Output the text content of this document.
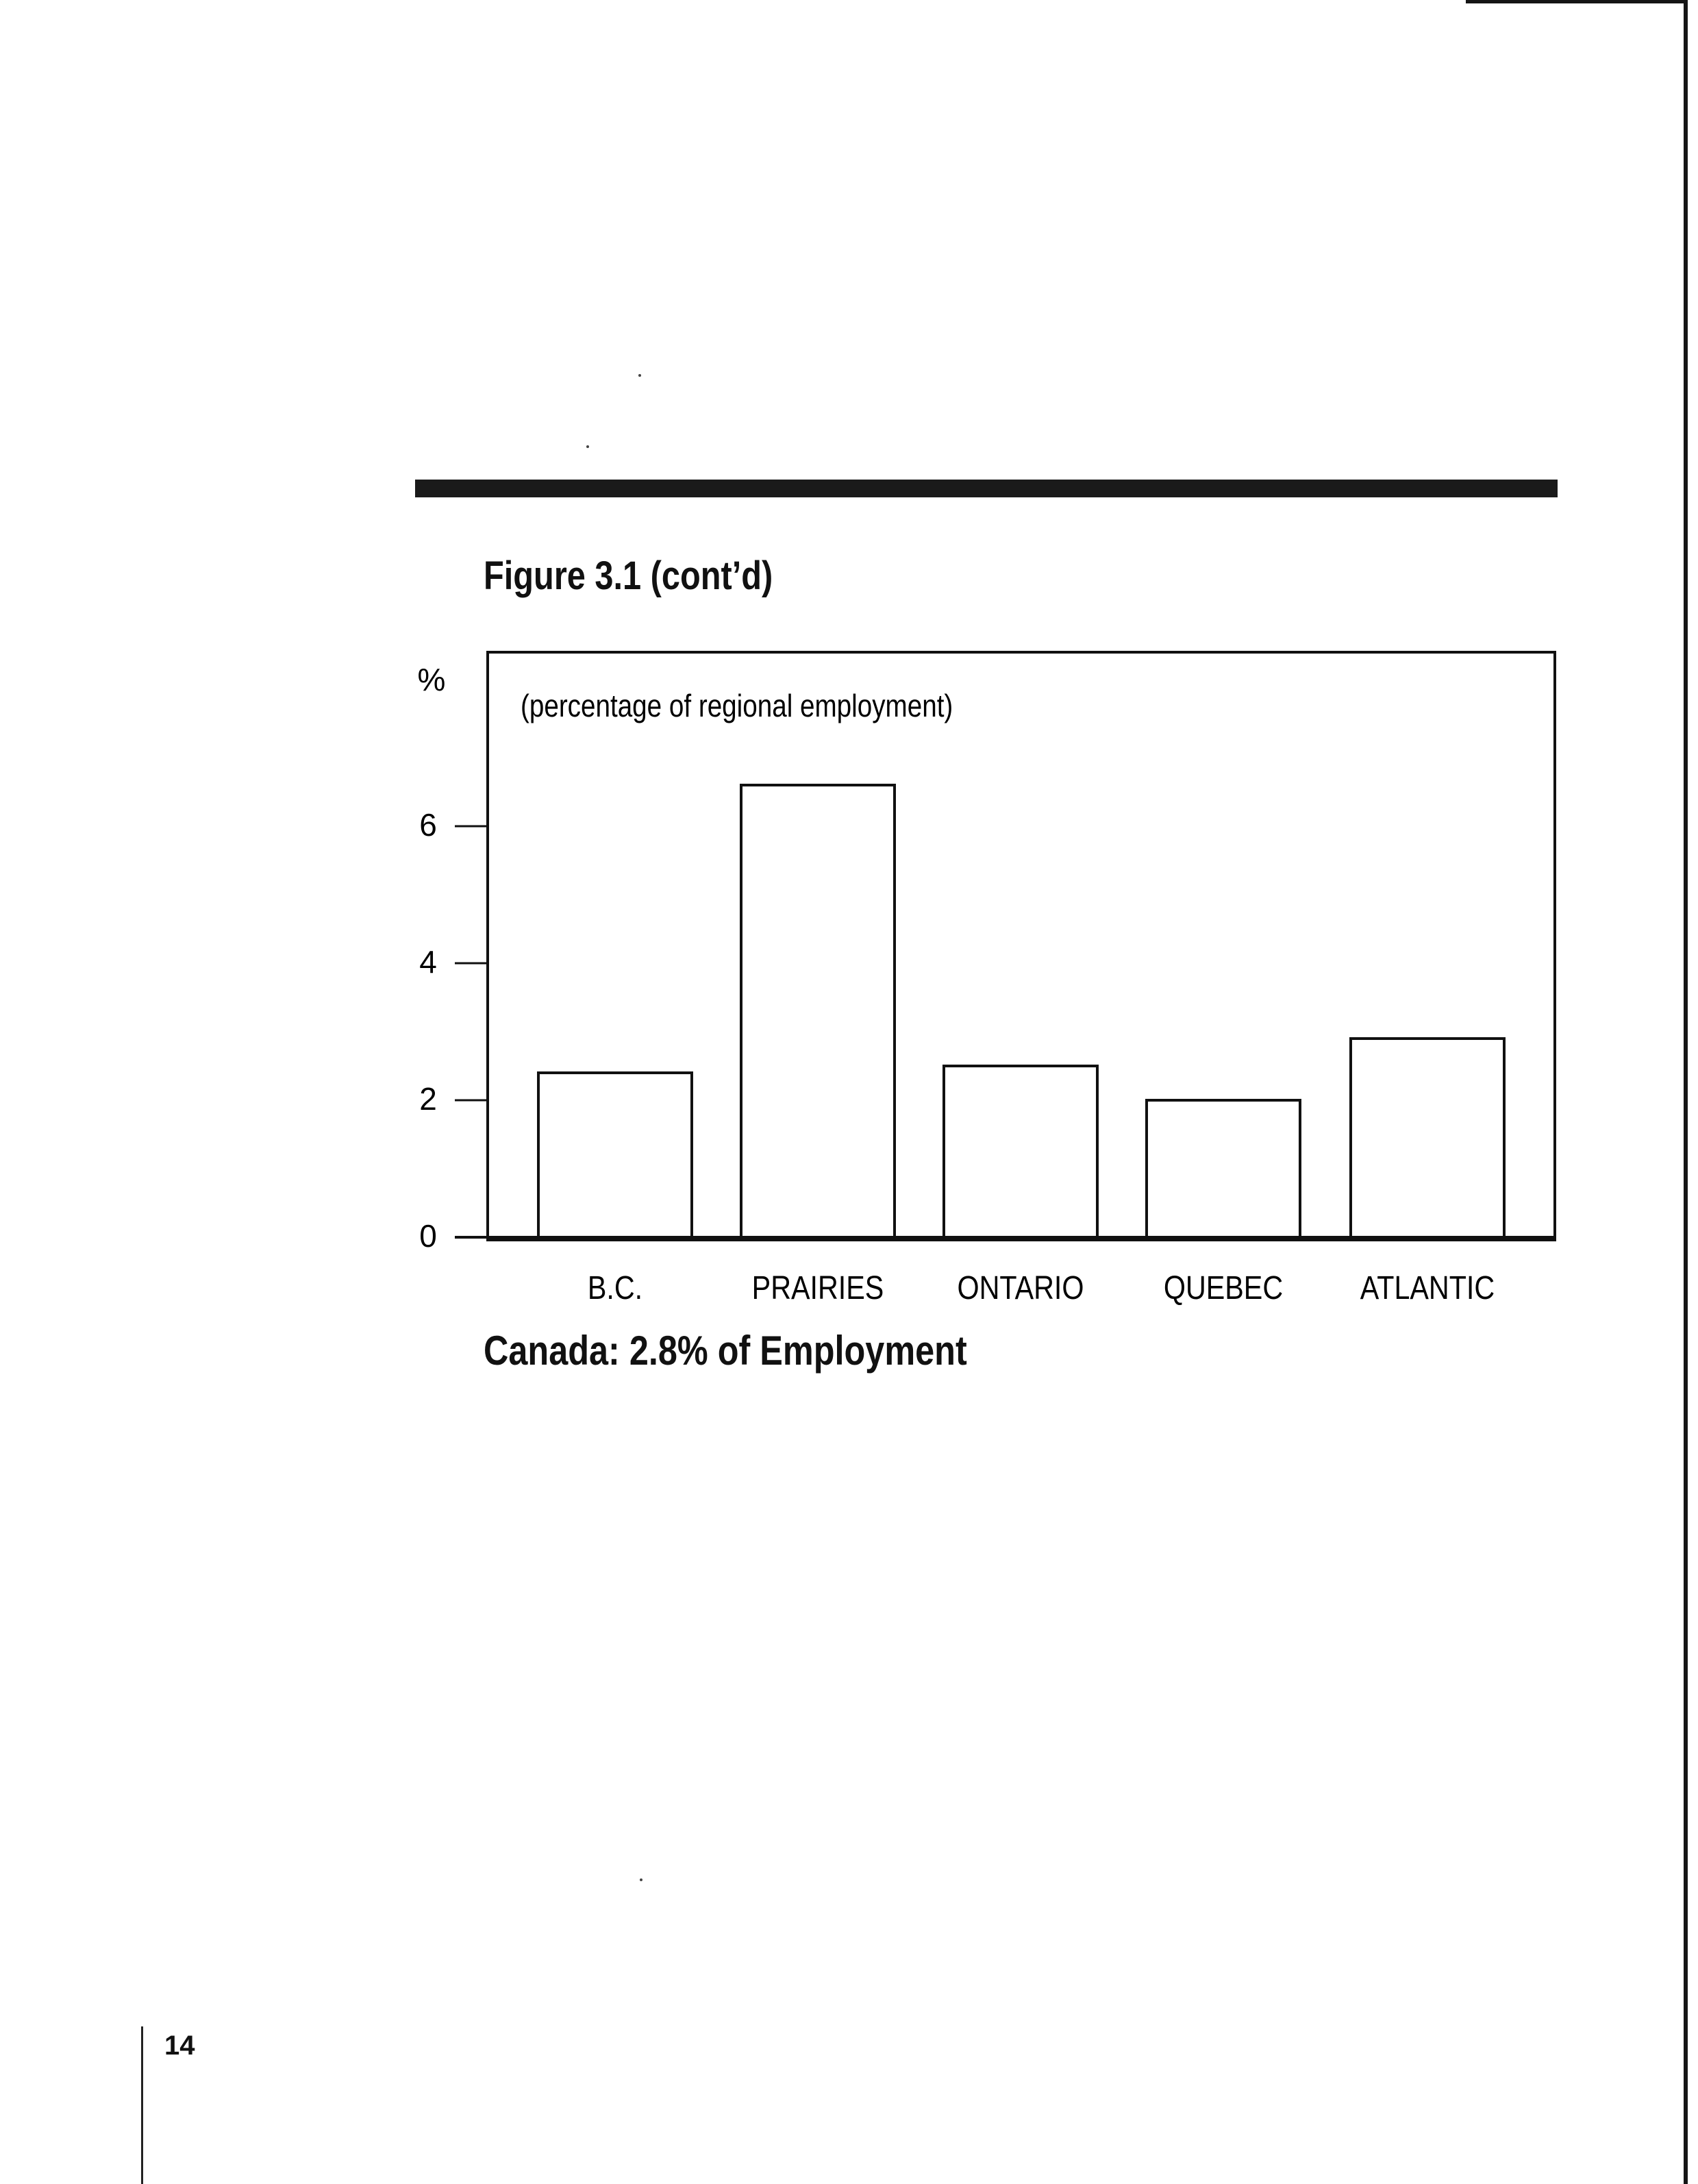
Figure 3.1 (cont’d)
%
(percentage of regional employment)
0
2
4
6
B.C.	PRAIRIES ONTARIO QUEBEC ATLANTIC
Canada: 2.8% of Employment
14
